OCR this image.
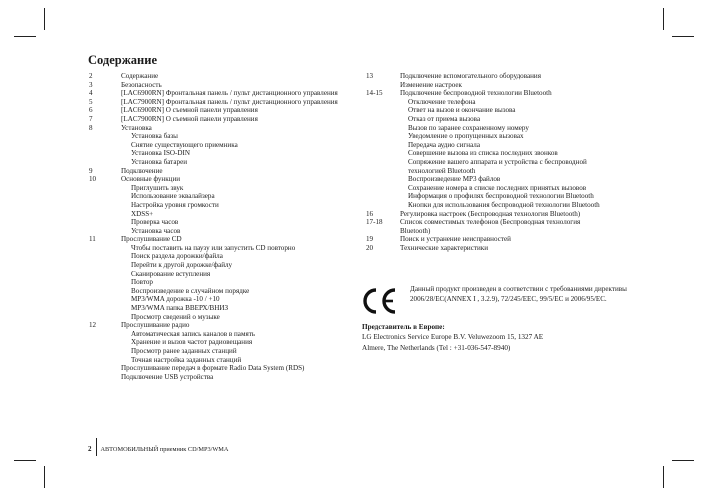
Содержание
2	Содержание
3	Безопасность
4	[LAC6900RN] Фронтальная панель / пульт дистанционного управления
5	[LAC7900RN] Фронтальная панель / пульт дистанционного управления
6	[LAC6900RN] О съемной панели управления
7	[LAC7900RN] О съемной панели управления
8	Установка
Установка базы
Снятие существующего приемника
Установка ISO-DIN
Установка батареи
9	Подключение
10	Основные функции
Приглушить звук
Использование эквалайзера
Настройка уровня громкости
XDSS+
Проверка часов
Установка часов
11	Прослушивание CD
Чтобы поставить на паузу или запустить CD повторно
Поиск раздела дорожки/файла
Перейти к другой дорожке/файлу
Сканирование вступления
Повтор
Воспроизведение в случайном порядке
MP3/WMA дорожка -10 / +10
MP3/WMA папка ВВЕРХ/ВНИЗ
Просмотр сведений о музыке
12	Прослушивание радио
Автоматическая запись каналов в память
Хранение и вызов частот радиовещания
Просмотр ранее заданных станций
Точная настройка заданных станций
Прослушивание передач в формате Radio Data System (RDS)
Подключение USB устройства
13	Подключение вспомогательного оборудования
Изменение настроек
14-15 Подключение беспроводной технологии Bluetooth
Отключение телефона
Ответ на вызов и окончание вызова
Отказ от приема вызова
Вызов по заранее сохраненному номеру
Уведомление о пропущенных вызовах
Передача аудио сигнала
Совершение вызова из списка последних звонков
Сопряжение вашего аппарата и устройства с беспроводной
технологией Bluetooth
Воспроизведение MP3 файлов
Сохранение номера в списке последних принятых вызовов
Информация о профилях беспроводной технологии Bluetooth
Кнопки для использования беспроводной технологии Bluetooth
16	Регулировка настроек (Беспроводная технология Bluetooth)
17-18 Список совместимых телефонов (Беспроводная технология
Bluetooth)
19	Поиск и устранение неисправностей
20	Технические характеристики
Данный продукт произведен в соответствии с требованиями директивы 2006/28/EC(ANNEX I , 3.2.9), 72/245/EEC, 99/5/EC и 2006/95/EC.
Представитель в Европе:
LG Electronics Service Europe B.V. Veluwezoom 15, 1327 AE
Almere, The Netherlands (Tel : +31-036-547-8940)
2 АВТОМОБИЛЬНЫЙ приемник CD/MP3/WMA
